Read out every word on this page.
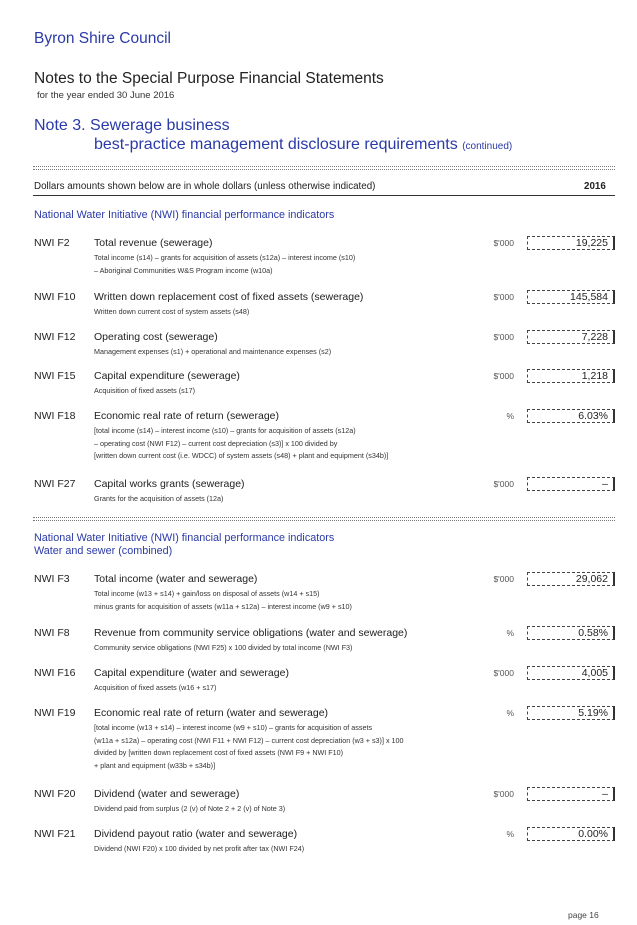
Byron Shire Council
Notes to the Special Purpose Financial Statements
for the year ended 30 June 2016
Note 3. Sewerage business
best-practice management disclosure requirements (continued)
Dollars amounts shown below are in whole dollars (unless otherwise indicated)	2016
National Water Initiative (NWI) financial performance indicators
NWI F2 Total revenue (sewerage)
Total income (s14) – grants for acquisition of assets (s12a) – interest income (s10)
– Aboriginal Communities W&S Program income (w10a)
$'000	19,225
NWI F10 Written down replacement cost of fixed assets (sewerage)
Written down current cost of system assets (s48)
$'000	145,584
NWI F12 Operating cost (sewerage)
Management expenses (s1) + operational and maintenance expenses (s2)
$'000	7,228
NWI F15 Capital expenditure (sewerage)
Acquisition of fixed assets (s17)
$'000	1,218
NWI F18 Economic real rate of return (sewerage)
[total income (s14) – interest income (s10) – grants for acquisition of assets (s12a)
– operating cost (NWI F12) – current cost depreciation (s3)] x 100 divided by
[written down current cost (i.e. WDCC) of system assets (s48) + plant and equipment (s34b)]
%	6.03%
NWI F27 Capital works grants (sewerage)
Grants for the acquisition of assets (12a)
$'000	–
National Water Initiative (NWI) financial performance indicators
Water and sewer (combined)
NWI F3 Total income (water and sewerage)
Total income (w13 + s14) + gain/loss on disposal of assets (w14 + s15)
minus grants for acquisition of assets (w11a + s12a) – interest income (w9 + s10)
$'000	29,062
NWI F8 Revenue from community service obligations (water and sewerage)
Community service obligations (NWI F25) x 100 divided by total income (NWI F3)
%	0.58%
NWI F16 Capital expenditure (water and sewerage)
Acquisition of fixed assets (w16 + s17)
$'000	4,005
NWI F19 Economic real rate of return (water and sewerage)
[total income (w13 + s14) – interest income (w9 + s10) – grants for acquisition of assets
(w11a + s12a) – operating cost (NWI F11 + NWI F12) – current cost depreciation (w3 + s3)] x 100
divided by [written down replacement cost of fixed assets (NWI F9 + NWI F10)
+ plant and equipment (w33b + s34b)]
%	5.19%
NWI F20 Dividend (water and sewerage)
Dividend paid from surplus (2 (v) of Note 2 + 2 (v) of Note 3)
$'000	–
NWI F21 Dividend payout ratio (water and sewerage)
Dividend (NWI F20) x 100 divided by net profit after tax (NWI F24)
%	0.00%
page 16
